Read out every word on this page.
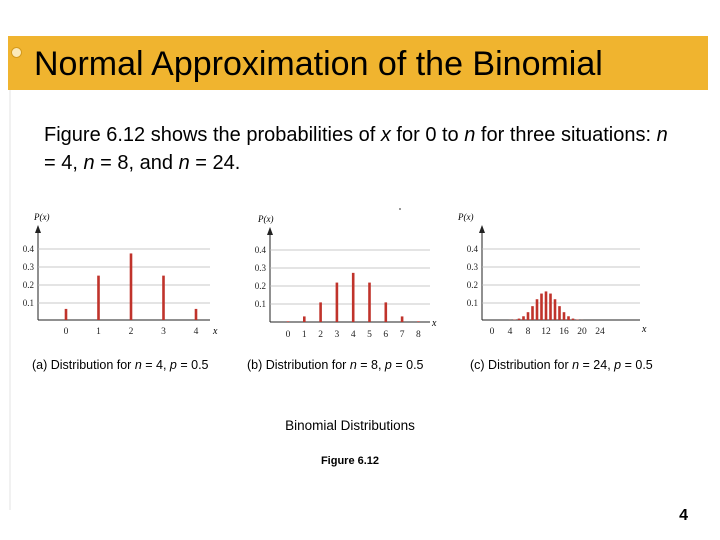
Normal Approximation of the Binomial
Figure 6.12 shows the probabilities of x for 0 to n for three situations: n = 4, n = 8, and n = 24.
P(x)
x
0.1
0.2
0.3
0.4
0	1	2	3	4
P(x)
x
0.1
0.2
0.3
0.4
0 1 2 3 4 5 6 7 8
P(x)
x
0.1
0.2
0.3
0.4
0 4 8 12 16 20 24
(a) Distribution for n = 4, p = 0.5	(b) Distribution for n = 8, p = 0.5	(c) Distribution for n = 24, p = 0.5
Binomial Distributions
Figure 6.12
4
